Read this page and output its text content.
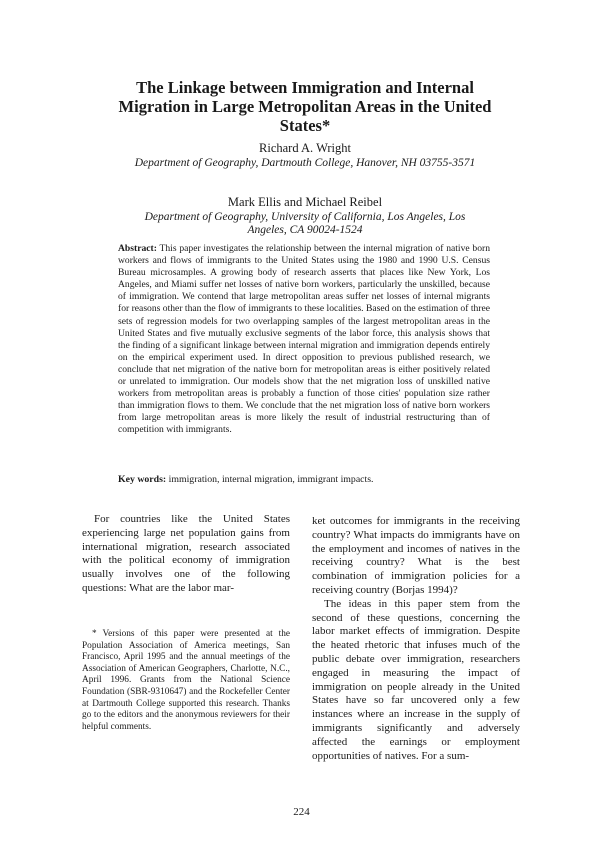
The Linkage between Immigration and Internal Migration in Large Metropolitan Areas in the United States*
Richard A. Wright
Department of Geography, Dartmouth College, Hanover, NH 03755-3571
Mark Ellis and Michael Reibel
Department of Geography, University of California, Los Angeles, Los Angeles, CA 90024-1524
Abstract: This paper investigates the relationship between the internal migration of native born workers and flows of immigrants to the United States using the 1980 and 1990 U.S. Census Bureau microsamples. A growing body of research asserts that places like New York, Los Angeles, and Miami suffer net losses of native born workers, particularly the unskilled, because of immigration. We contend that large metropolitan areas suffer net losses of internal migrants for reasons other than the flow of immigrants to these localities. Based on the estimation of three sets of regression models for two overlapping samples of the largest metropolitan areas in the United States and five mutually exclusive segments of the labor force, this analysis shows that the finding of a significant linkage between internal migration and immigration depends entirely on the empirical experiment used. In direct opposition to previous published research, we conclude that net migration of the native born for metropolitan areas is either positively related or unrelated to immigration. Our models show that the net migration loss of unskilled native workers from metropolitan areas is probably a function of those cities' population size rather than immigration flows to them. We conclude that the net migration loss of native born workers from large metropolitan areas is more likely the result of industrial restructuring than of competition with immigrants.
Key words: immigration, internal migration, immigrant impacts.
For countries like the United States experiencing large net population gains from international migration, research associated with the political economy of immigration usually involves one of the following questions: What are the labor mar-
* Versions of this paper were presented at the Population Association of America meetings, San Francisco, April 1995 and the annual meetings of the Association of American Geographers, Charlotte, N.C., April 1996. Grants from the National Science Foundation (SBR-9310647) and the Rockefeller Center at Dartmouth College supported this research. Thanks go to the editors and the anonymous reviewers for their helpful comments.

ket outcomes for immigrants in the receiving country? What impacts do immigrants have on the employment and incomes of natives in the receiving country? What is the best combination of immigration policies for a receiving country (Borjas 1994)?

The ideas in this paper stem from the second of these questions, concerning the labor market effects of immigration. Despite the heated rhetoric that infuses much of the public debate over immigration, researchers engaged in measuring the impact of immigration on people already in the United States have so far uncovered only a few instances where an increase in the supply of immigrants significantly and adversely affected the earnings or employment opportunities of natives. For a sum-

224
